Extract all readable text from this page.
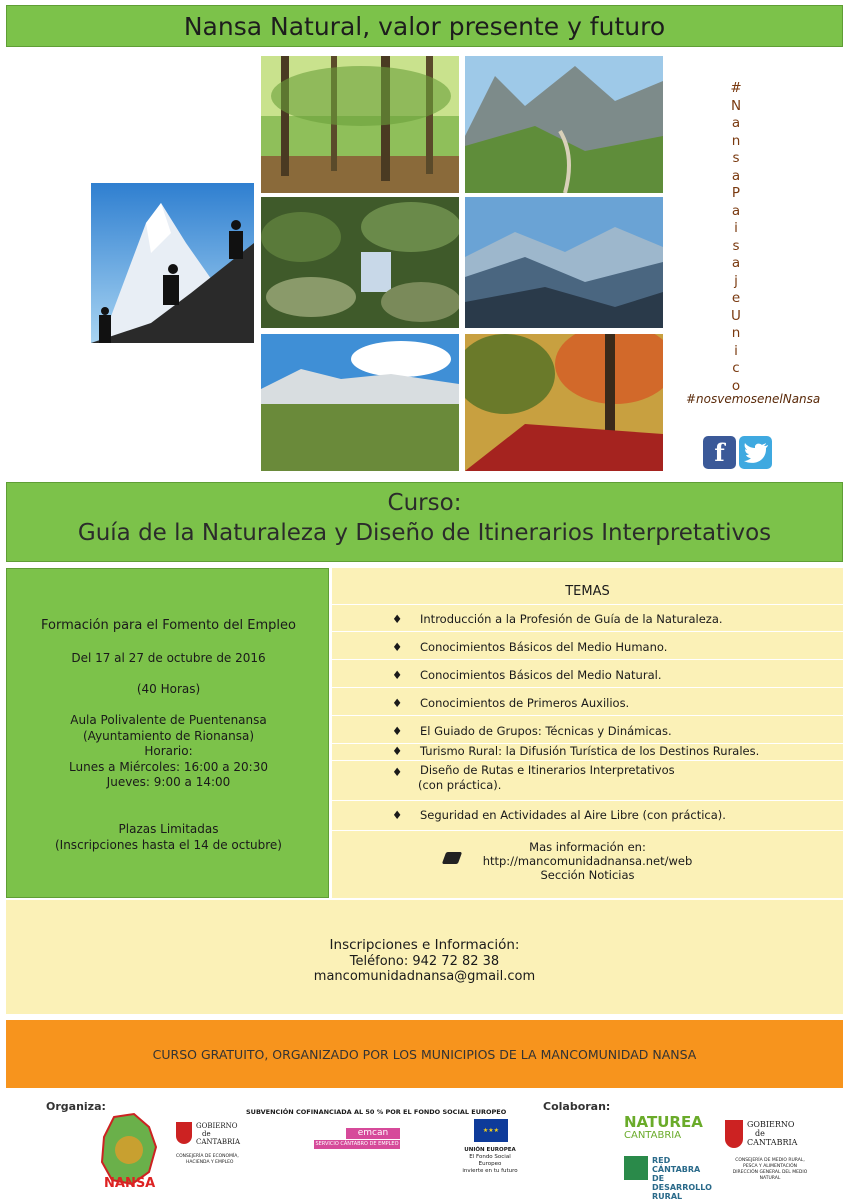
Nansa Natural, valor presente y futuro
#
N
a
n
s
a
P
a
i
s
a
j
e
U
n
i
c
o
#nosvemosenelNansa
f
Curso:
Guía de la Naturaleza y Diseño de Itinerarios Interpretativos
Formación para el Fomento del Empleo
Del 17 al 27 de octubre de 2016
(40 Horas)
Aula Polivalente de Puentenansa
(Ayuntamiento de Rionansa)
Horario:
Lunes a Miércoles: 16:00 a 20:30
Jueves: 9:00 a 14:00
Plazas Limitadas
(Inscripciones hasta el 14 de octubre)
TEMAS
♦ Introducción a la Profesión de Guía de la Naturaleza.
♦ Conocimientos Básicos del Medio Humano.
♦ Conocimientos Básicos del Medio Natural.
♦ Conocimientos de Primeros Auxilios.
♦ El Guiado de Grupos: Técnicas y Dinámicas.
♦ Turismo Rural: la Difusión Turística de los Destinos Rurales.
♦ Diseño de Rutas e Itinerarios Interpretativos
(con práctica).
♦ Seguridad en Actividades al Aire Libre (con práctica).
Mas información en:
http://mancomunidadnansa.net/web
Sección Noticias
Inscripciones e Información:
Teléfono: 942 72 82 38
mancomunidadnansa@gmail.com
CURSO GRATUITO, ORGANIZADO POR LOS MUNICIPIOS DE LA MANCOMUNIDAD NANSA
Organiza:	Colaboran:
NANSA
GOBIERNO
de
CANTABRIA
CONSEJERÍA DE ECONOMÍA,
HACIENDA Y EMPLEO
SUBVENCIÓN COFINANCIADA AL 50 % POR EL FONDO SOCIAL EUROPEO
emcan
SERVICIO CÁNTABRO DE EMPLEO
★★★
UNIÓN EUROPEA
El Fondo Social Europeo
invierte en tu futuro
NATUREA
CANTABRIA
RED CÁNTABRA
DE DESARROLLO
RURAL
GOBIERNO
de
CANTABRIA
CONSEJERÍA DE MEDIO RURAL,
PESCA Y ALIMENTACIÓN
DIRECCIÓN GENERAL DEL MEDIO NATURAL
